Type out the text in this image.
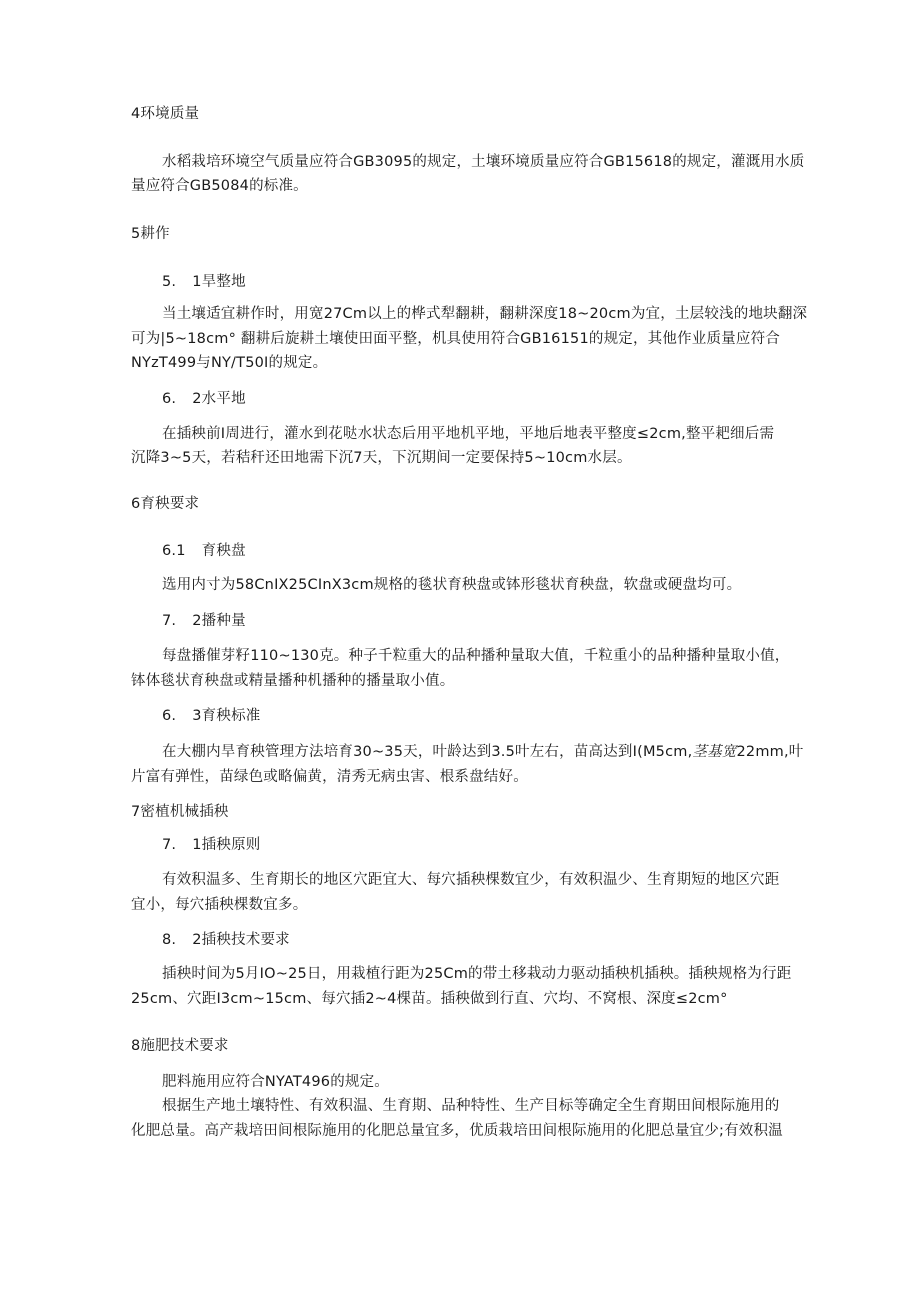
4环境质量
水稻栽培环境空气质量应符合GB3095的规定，土壤环境质量应符合GB15618的规定，灌溉用水质
量应符合GB5084的标准。
5耕作
5. 1旱整地
当土壤适宜耕作时，用宽27Cm以上的桦式犁翻耕，翻耕深度18~20cm为宜，土层较浅的地块翻深
可为|5~18cm° 翻耕后旋耕土壤使田面平整，机具使用符合GB16151的规定，其他作业质量应符合
NYzT499与NY/T50I的规定。
6. 2水平地
在插秧前I周进行，灌水到花哒水状态后用平地机平地，平地后地表平整度≤2cm,整平耙细后需
沉降3~5天，若秸秆还田地需下沉7天，下沉期间一定要保持5~10cm水层。
6育秧要求
6.1 育秧盘
选用内寸为58CnIX25CInX3cm规格的毯状育秧盘或钵形毯状育秧盘，软盘或硬盘均可。
7. 2播种量
每盘播催芽籽110~130克。种子千粒重大的品种播种量取大值，千粒重小的品种播种量取小值，
钵体毯状育秧盘或精量播种机播种的播量取小值。
6. 3育秧标准
在大棚内旱育秧管理方法培育30~35天，叶龄达到3.5叶左右，苗高达到I(M5cm,茎基宽22mm,叶
片富有弹性，苗绿色或略偏黄，清秀无病虫害、根系盘结好。
7密植机械插秧
7. 1插秧原则
有效积温多、生育期长的地区穴距宜大、每穴插秧棵数宜少，有效积温少、生育期短的地区穴距
宜小，每穴插秧棵数宜多。
8. 2插秧技术要求
插秧时间为5月IO~25日，用栽植行距为25Cm的带土移栽动力驱动插秧机插秧。插秧规格为行距
25cm、穴距I3cm~15cm、每穴插2~4棵苗。插秧做到行直、穴均、不窝根、深度≤2cm°
8施肥技术要求
肥料施用应符合NYAT496的规定。
根据生产地土壤特性、有效积温、生育期、品种特性、生产目标等确定全生育期田间根际施用的
化肥总量。高产栽培田间根际施用的化肥总量宜多，优质栽培田间根际施用的化肥总量宜少;有效积温
